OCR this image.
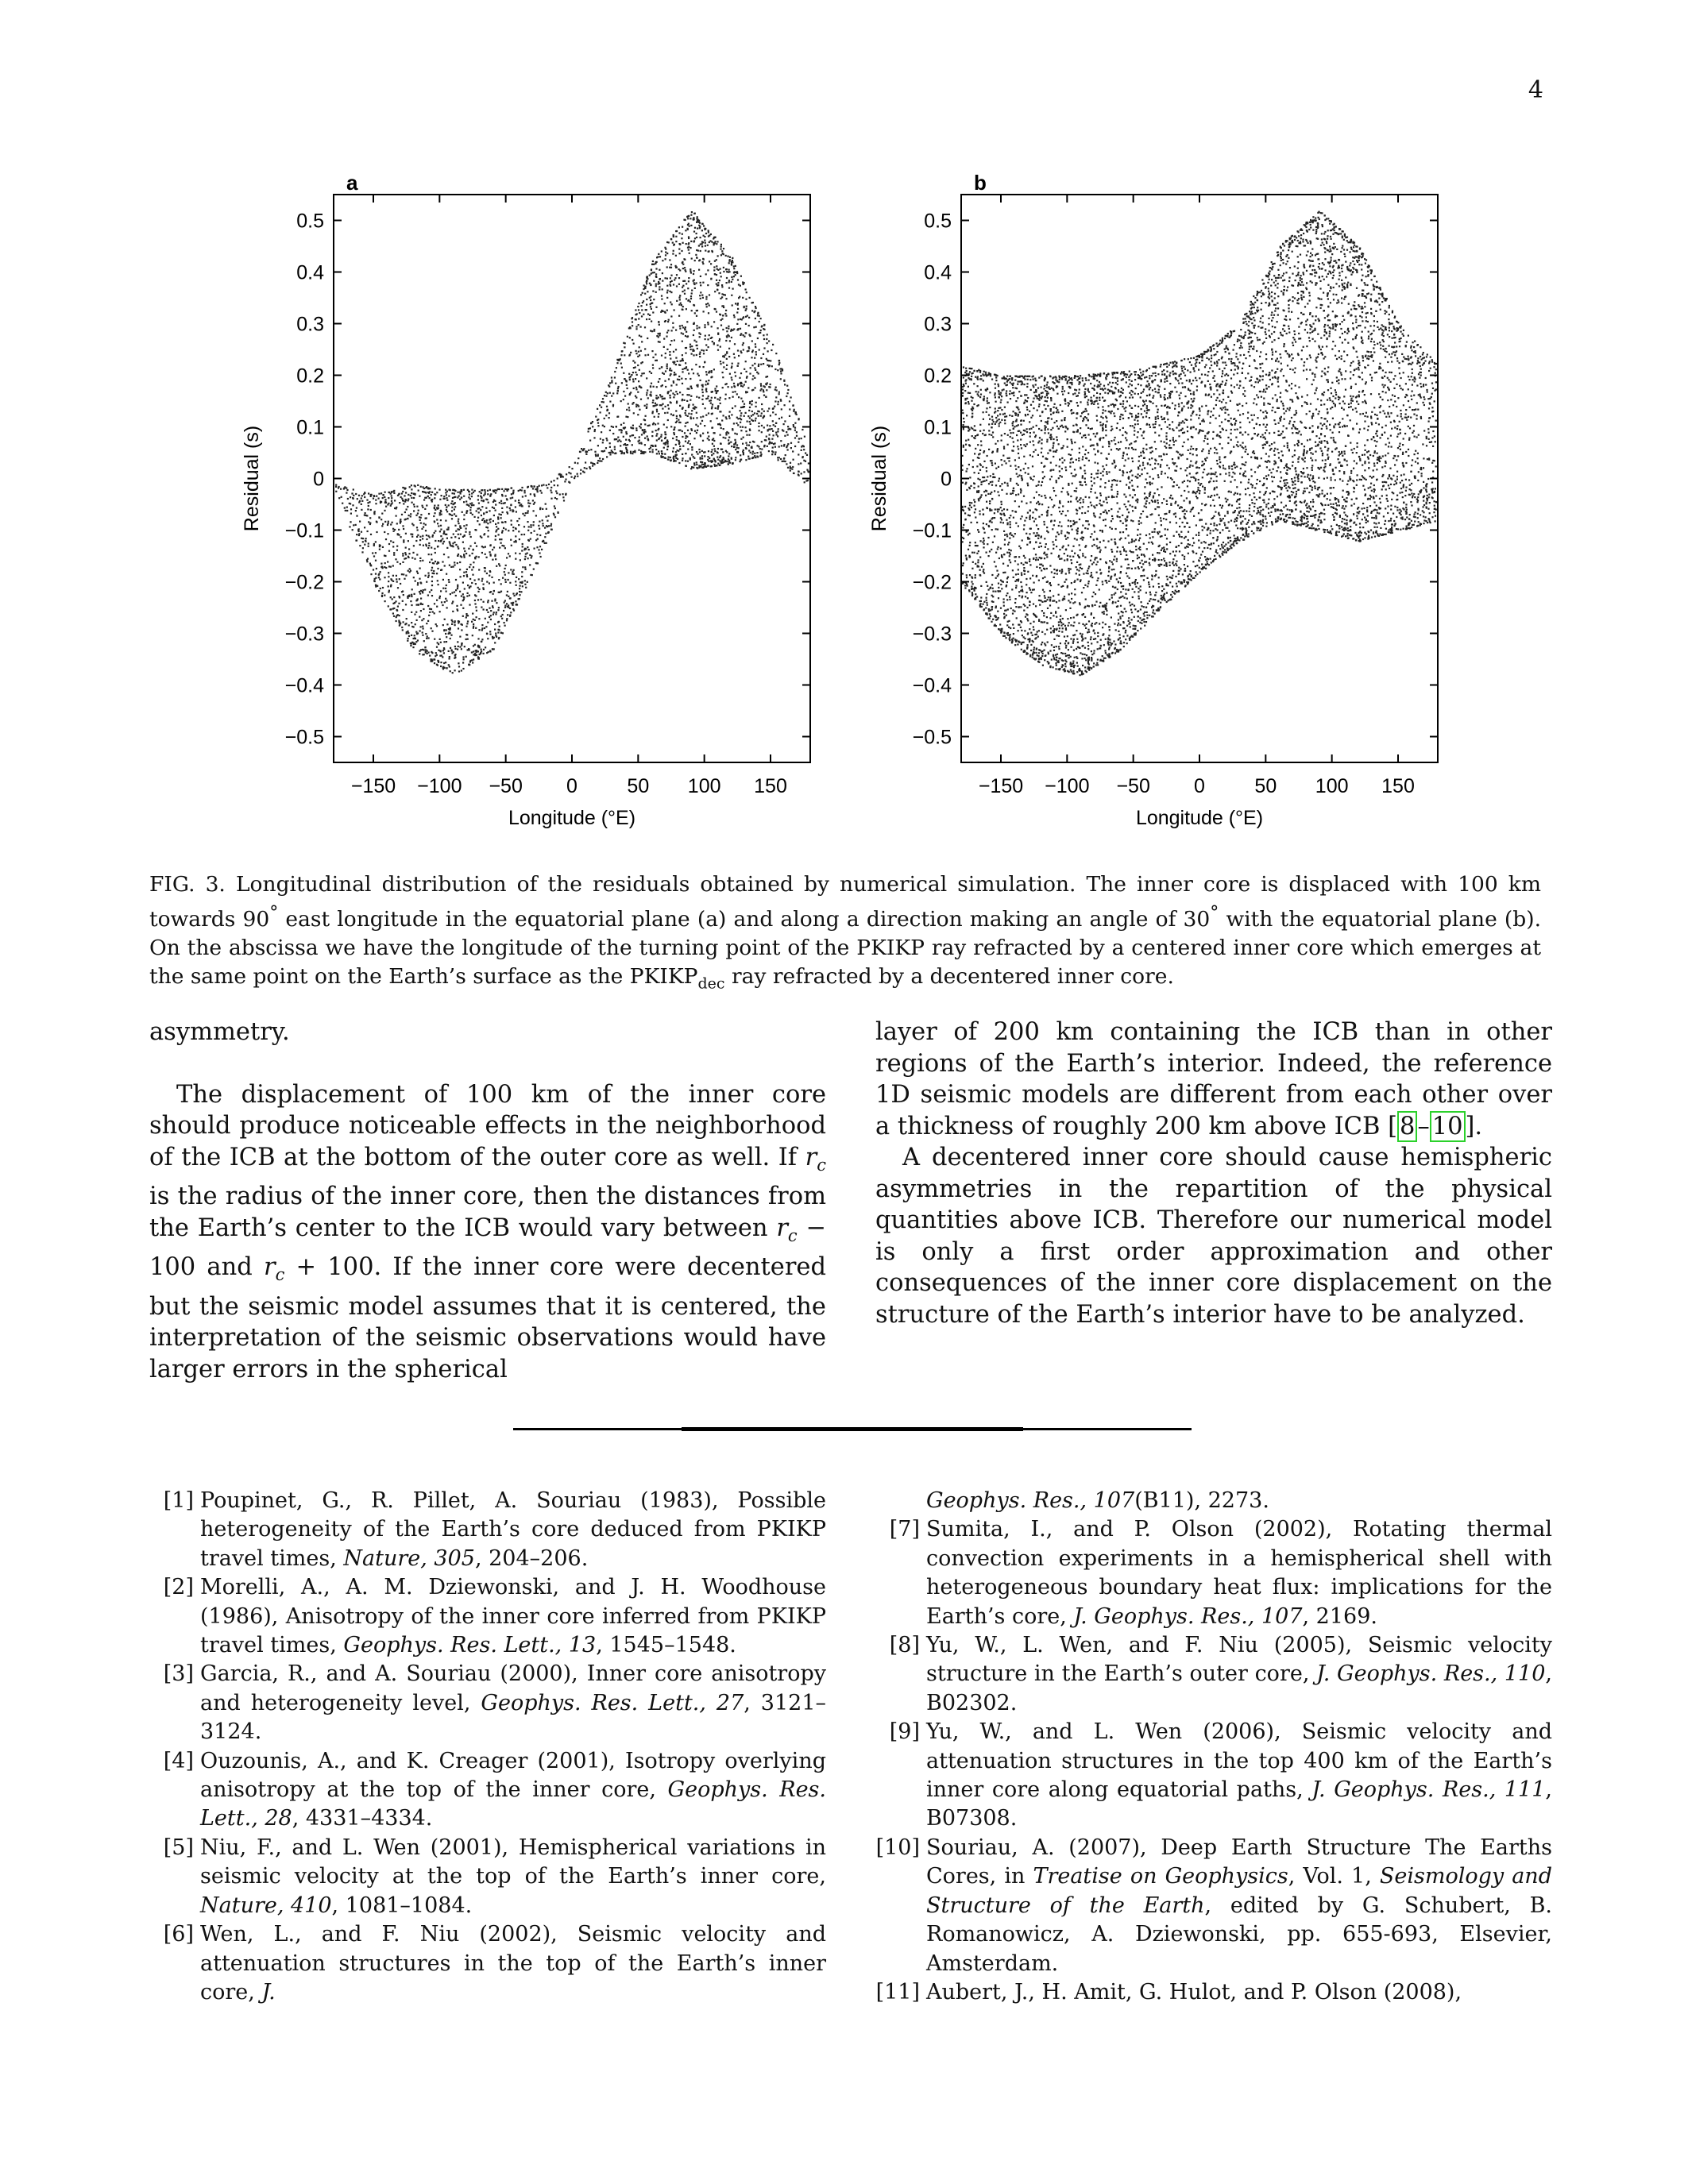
4
0.5
0.4
0.3
0.2
0.1
0
−0.1
−0.2
−0.3
−0.4
−0.5
−150 −100 −50 0 50 100 150
Longitude (°E)
Residual (s)
a
0.5
0.4
0.3
0.2
0.1
0
−0.1
−0.2
−0.3
−0.4
−0.5
−150 −100 −50 0 50 100 150
Longitude (°E)
Residual (s)
b
FIG. 3. Longitudinal distribution of the residuals obtained by numerical simulation. The inner core is displaced with 100 km towards 90° east longitude in the equatorial plane (a) and along a direction making an angle of 30° with the equatorial plane (b). On the abscissa we have the longitude of the turning point of the PKIKP ray refracted by a centered inner core which emerges at the same point on the Earth’s surface as the $PKIKP_{dec}$ ray refracted by a decentered inner core.

asymmetry.

The displacement of 100 km of the inner core should produce noticeable effects in the neighborhood of the ICB at the bottom of the outer core as well. If $r_c$ is the radius of the inner core, then the distances from the Earth’s center to the ICB would vary between $r_c - 100$ and $r_c + 100$. If the inner core were decentered but the seismic model assumes that it is centered, the interpretation of the seismic observations would have larger errors in the spherical

layer of 200 km containing the ICB than in other regions of the Earth’s interior. Indeed, the reference 1D seismic models are different from each other over a thickness of roughly 200 km above ICB [8–10].

A decentered inner core should cause hemispheric asymmetries in the repartition of the physical quantities above ICB. Therefore our numerical model is only a first order approximation and other consequences of the inner core displacement on the structure of the Earth’s interior have to be analyzed.

[1] Poupinet, G., R. Pillet, A. Souriau (1983), Possible heterogeneity of the Earth’s core deduced from PKIKP travel times, Nature, 305, 204–206.
[2] Morelli, A., A. M. Dziewonski, and J. H. Woodhouse (1986), Anisotropy of the inner core inferred from PKIKP travel times, Geophys. Res. Lett., 13, 1545–1548.
[3] Garcia, R., and A. Souriau (2000), Inner core anisotropy and heterogeneity level, Geophys. Res. Lett., 27, 3121–3124.
[4] Ouzounis, A., and K. Creager (2001), Isotropy overlying anisotropy at the top of the inner core, Geophys. Res. Lett., 28, 4331–4334.
[5] Niu, F., and L. Wen (2001), Hemispherical variations in seismic velocity at the top of the Earth’s inner core, Nature, 410, 1081–1084.
[6] Wen, L., and F. Niu (2002), Seismic velocity and attenuation structures in the top of the Earth’s inner core, J.
Geophys. Res., 107(B11), 2273.
[7] Sumita, I., and P. Olson (2002), Rotating thermal convection experiments in a hemispherical shell with heterogeneous boundary heat flux: implications for the Earth’s core, J. Geophys. Res., 107, 2169.
[8] Yu, W., L. Wen, and F. Niu (2005), Seismic velocity structure in the Earth’s outer core, J. Geophys. Res., 110, B02302.
[9] Yu, W., and L. Wen (2006), Seismic velocity and attenuation structures in the top 400 km of the Earth’s inner core along equatorial paths, J. Geophys. Res., 111, B07308.
[10] Souriau, A. (2007), Deep Earth Structure The Earths Cores, in Treatise on Geophysics, Vol. 1, Seismology and Structure of the Earth, edited by G. Schubert, B. Romanowicz, A. Dziewonski, pp. 655-693, Elsevier, Amsterdam.
[11] Aubert, J., H. Amit, G. Hulot, and P. Olson (2008),
